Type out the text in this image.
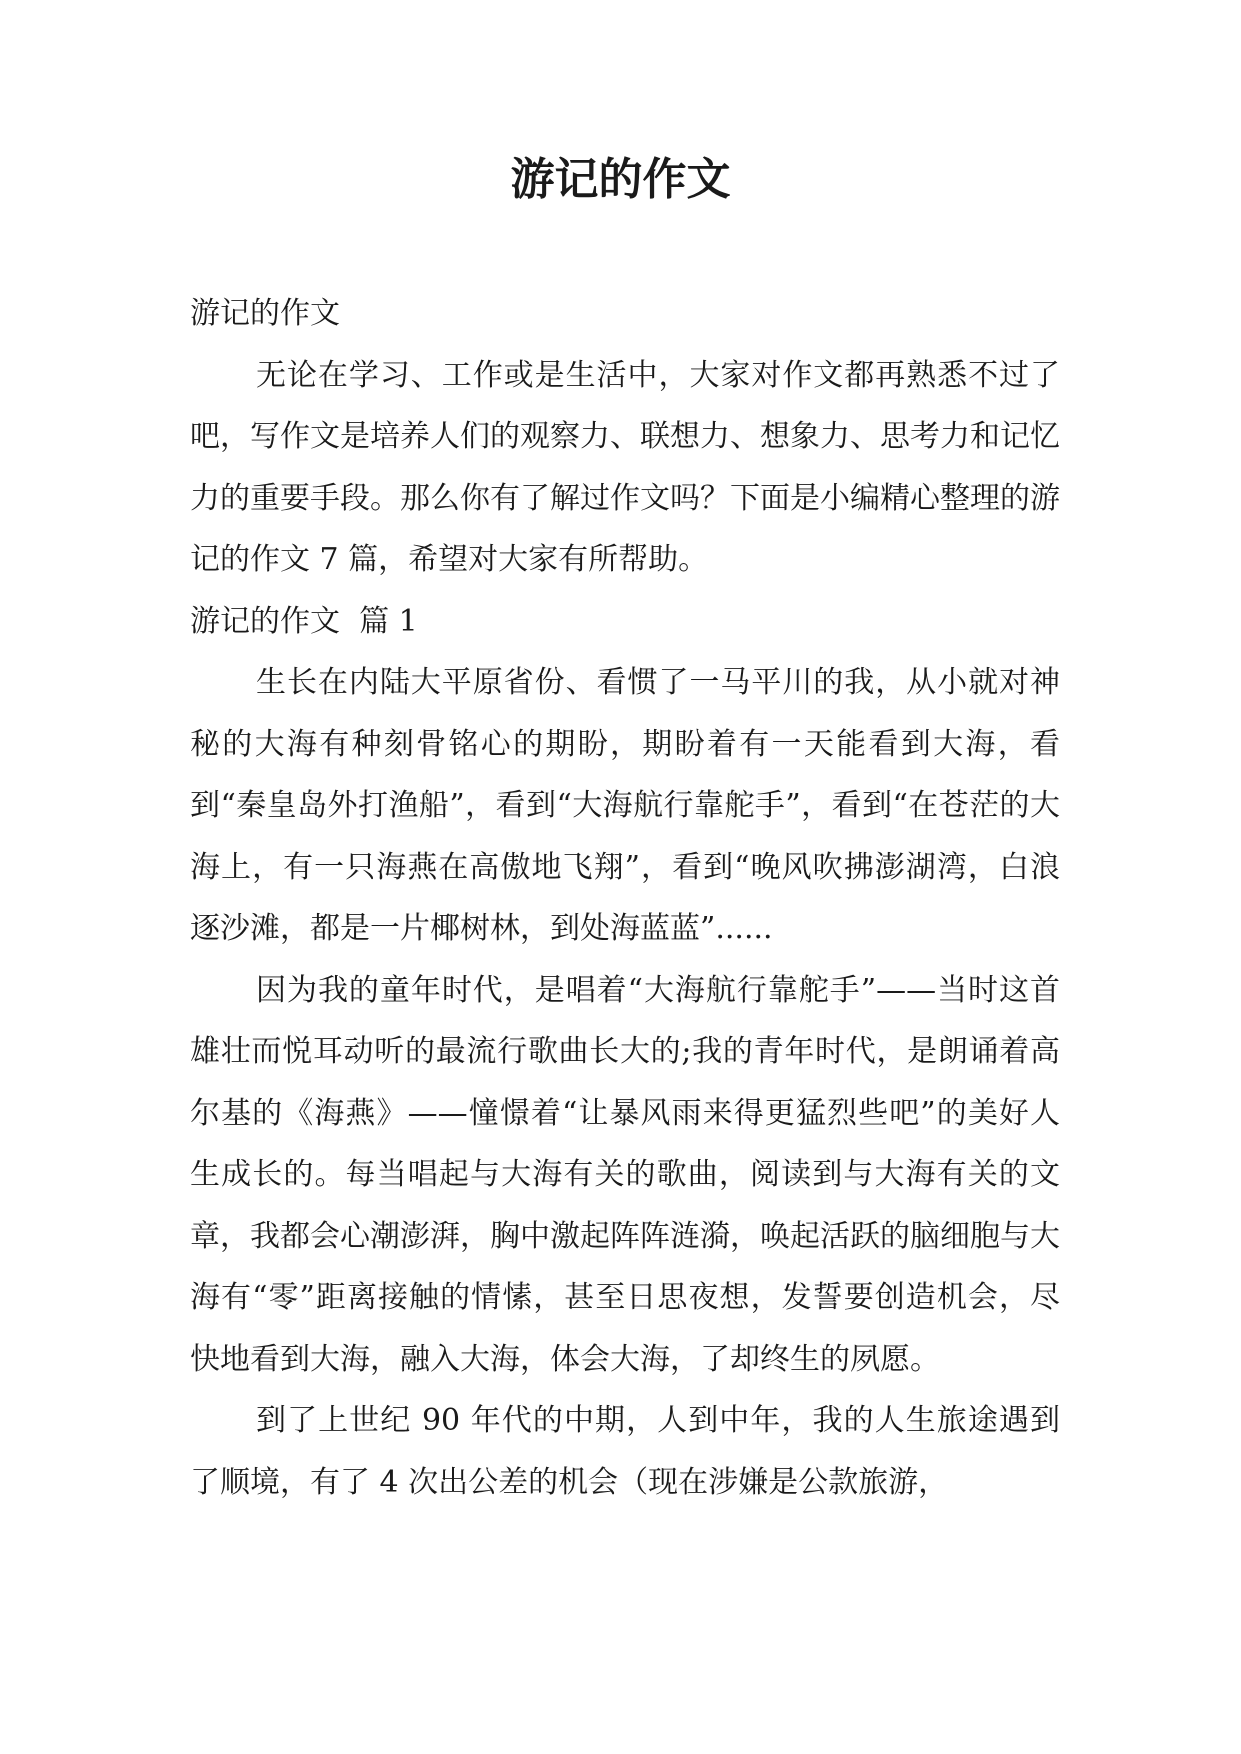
游记的作文

游记的作文

无论在学习、工作或是生活中，大家对作文都再熟悉不过了吧，写作文是培养人们的观察力、联想力、想象力、思考力和记忆力的重要手段。那么你有了解过作文吗？下面是小编精心整理的游记的作文 7 篇，希望对大家有所帮助。

游记的作文  篇 1

生长在内陆大平原省份、看惯了一马平川的我，从小就对神秘的大海有种刻骨铭心的期盼，期盼着有一天能看到大海，看到“秦皇岛外打渔船”，看到“大海航行靠舵手”，看到“在苍茫的大海上，有一只海燕在高傲地飞翔”，看到“晚风吹拂澎湖湾，白浪逐沙滩，都是一片椰树林，到处海蓝蓝”......

因为我的童年时代，是唱着“大海航行靠舵手”——当时这首雄壮而悦耳动听的最流行歌曲长大的;我的青年时代，是朗诵着高尔基的《海燕》——憧憬着“让暴风雨来得更猛烈些吧”的美好人生成长的。每当唱起与大海有关的歌曲，阅读到与大海有关的文章，我都会心潮澎湃，胸中激起阵阵涟漪，唤起活跃的脑细胞与大海有“零”距离接触的情愫，甚至日思夜想，发誓要创造机会，尽快地看到大海，融入大海，体会大海，了却终生的夙愿。

到了上世纪 90 年代的中期，人到中年，我的人生旅途遇到了顺境，有了 4 次出公差的机会（现在涉嫌是公款旅游，
